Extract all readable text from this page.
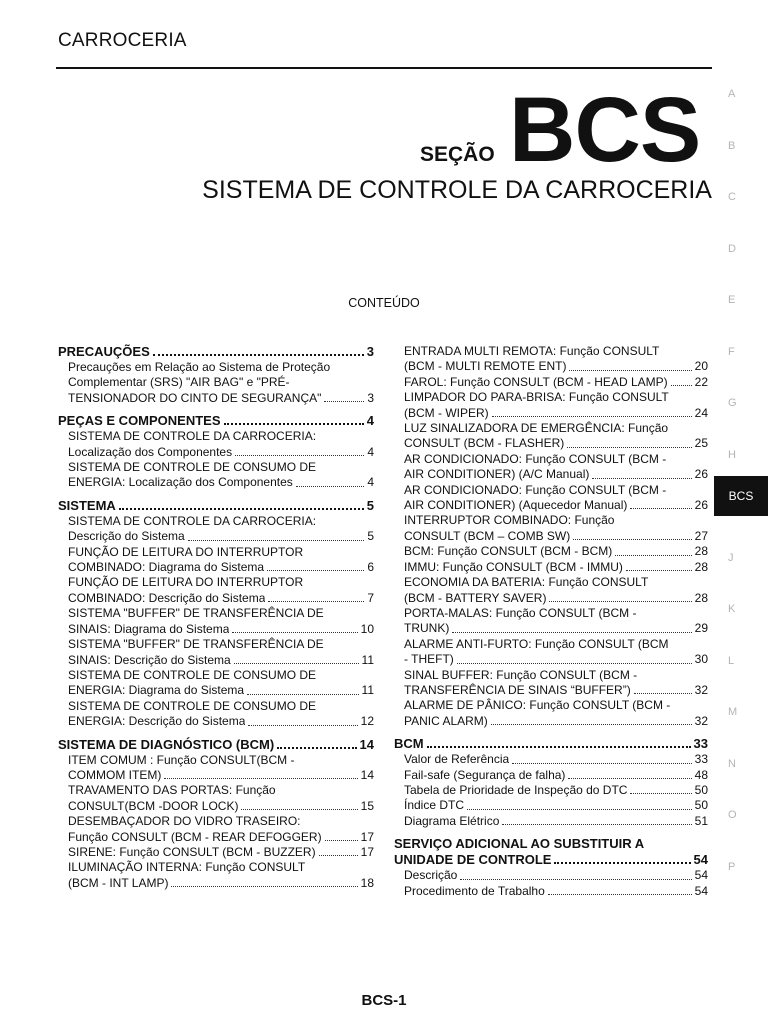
CARROCERIA
SEÇÃO BCS
SISTEMA DE CONTROLE DA CARROCERIA
CONTEÚDO
PRECAUÇÕES	3
Precauções em Relação ao Sistema de Proteção
Complementar (SRS) "AIR BAG" e "PRÉ-
TENSIONADOR DO CINTO DE SEGURANÇA"	3
PEÇAS E COMPONENTES	4
SISTEMA DE CONTROLE DA CARROCERIA:
Localização dos Componentes	4
SISTEMA DE CONTROLE DE CONSUMO DE
ENERGIA: Localização dos Componentes	4
SISTEMA	5
SISTEMA DE CONTROLE DA CARROCERIA:
Descrição do Sistema	5
FUNÇÃO DE LEITURA DO INTERRUPTOR
COMBINADO: Diagrama do Sistema	6
FUNÇÃO DE LEITURA DO INTERRUPTOR
COMBINADO: Descrição do Sistema	7
SISTEMA "BUFFER" DE TRANSFERÊNCIA DE
SINAIS: Diagrama do Sistema	10
SISTEMA "BUFFER" DE TRANSFERÊNCIA DE
SINAIS: Descrição do Sistema	11
SISTEMA DE CONTROLE DE CONSUMO DE
ENERGIA: Diagrama do Sistema	11
SISTEMA DE CONTROLE DE CONSUMO DE
ENERGIA: Descrição do Sistema	12
SISTEMA DE DIAGNÓSTICO (BCM)	14
ITEM COMUM : Função CONSULT(BCM -
COMMOM ITEM)	14
TRAVAMENTO DAS PORTAS: Função
CONSULT(BCM -DOOR LOCK)	15
DESEMBAÇADOR DO VIDRO TRASEIRO:
Função CONSULT (BCM - REAR DEFOGGER)	17
SIRENE: Função CONSULT (BCM - BUZZER)	17
ILUMINAÇÃO INTERNA: Função CONSULT
(BCM - INT LAMP)	18
ENTRADA MULTI REMOTA: Função CONSULT
(BCM - MULTI REMOTE ENT)	20
FAROL: Função CONSULT (BCM - HEAD LAMP) 22
LIMPADOR DO PARA-BRISA: Função CONSULT
(BCM - WIPER)	24
LUZ SINALIZADORA DE EMERGÊNCIA: Função
CONSULT (BCM - FLASHER)	25
AR CONDICIONADO: Função CONSULT (BCM -
AIR CONDITIONER) (A/C Manual)	26
AR CONDICIONADO: Função CONSULT (BCM -
AIR CONDITIONER) (Aquecedor Manual)	26
INTERRUPTOR COMBINADO: Função
CONSULT (BCM – COMB SW)	27
BCM: Função CONSULT (BCM - BCM)	28
IMMU: Função CONSULT (BCM - IMMU)	28
ECONOMIA DA BATERIA: Função CONSULT
(BCM - BATTERY SAVER)	28
PORTA-MALAS: Função CONSULT (BCM -
TRUNK)	29
ALARME ANTI-FURTO: Função CONSULT (BCM
- THEFT)	30
SINAL BUFFER: Função CONSULT (BCM -
TRANSFERÊNCIA DE SINAIS “BUFFER”)	32
ALARME DE PÂNICO: Função CONSULT (BCM -
PANIC ALARM)	32
BCM	33
Valor de Referência	33
Fail-safe (Segurança de falha)	48
Tabela de Prioridade de Inspeção do DTC	50
Índice DTC	50
Diagrama Elétrico	51
SERVIÇO ADICIONAL AO SUBSTITUIR A
UNIDADE DE CONTROLE	54
Descrição	54
Procedimento de Trabalho	54
A
B
C
D
E
F
G
H
BCS
J
K
L
M
N
O
P
BCS-1
